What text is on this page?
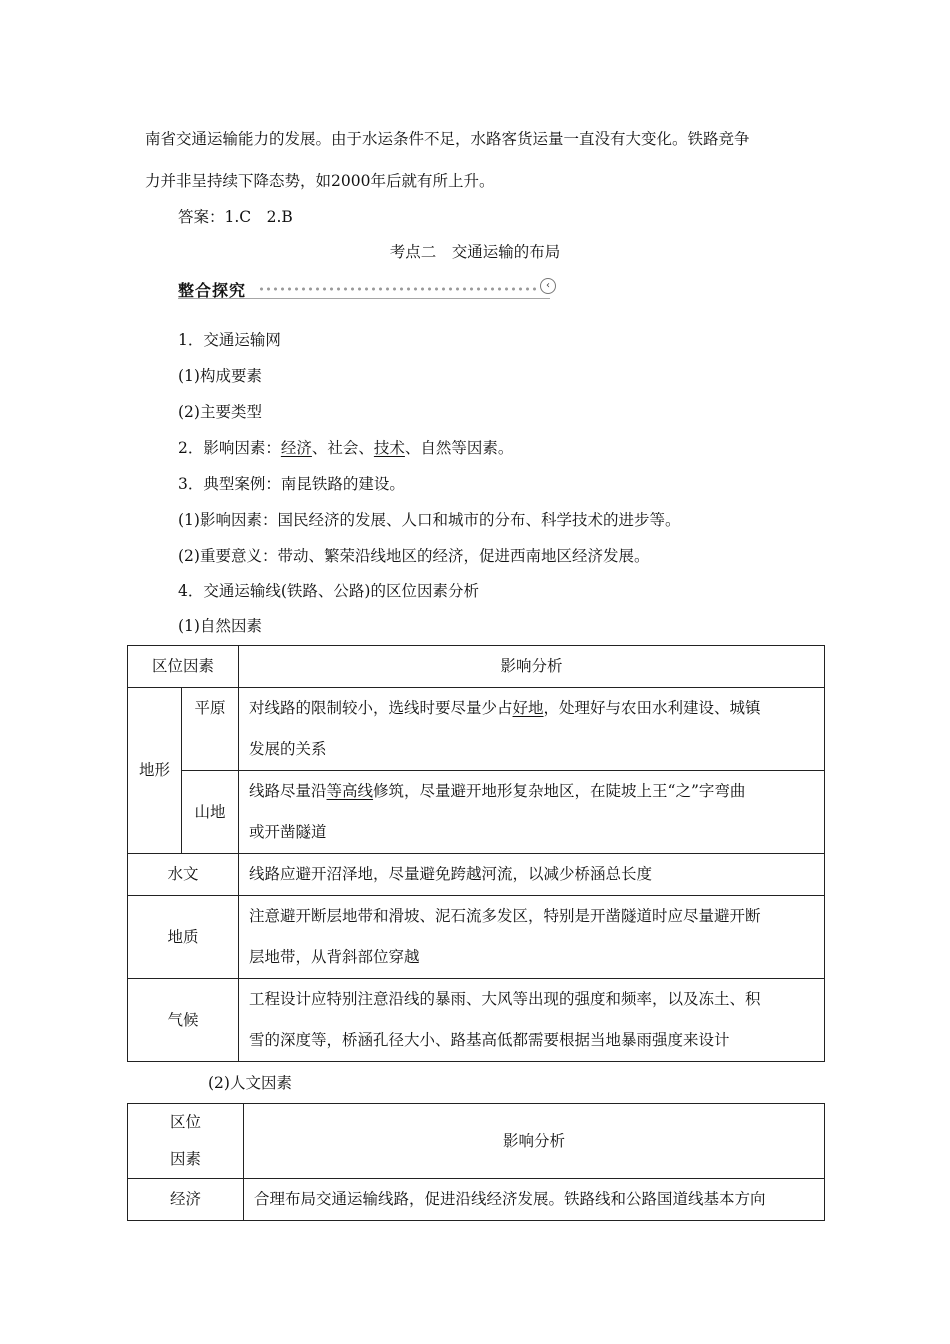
南省交通运输能力的发展。由于水运条件不足，水路客货运量一直没有大变化。铁路竞争
力并非呈持续下降态势，如2000年后就有所上升。
答案：1.C　2.B
考点二　交通运输的布局
整合探究	‹
1．交通运输网
(1)构成要素
(2)主要类型
2．影响因素：经济、社会、技术、自然等因素。
3．典型案例：南昆铁路的建设。
(1)影响因素：国民经济的发展、人口和城市的分布、科学技术的进步等。
(2)重要意义：带动、繁荣沿线地区的经济，促进西南地区经济发展。
4．交通运输线(铁路、公路)的区位因素分析
(1)自然因素
区位因素		影响分析
地形	平原	对线路的限制较小，选线时要尽量少占好地，处理好与农田水利建设、城镇
发展的关系

	山地	线路尽量沿等高线修筑，尽量避开地形复杂地区，在陡坡上王“之”字弯曲
或开凿隧道

水文		线路应避开沼泽地，尽量避免跨越河流，以减少桥涵总长度
地质		注意避开断层地带和滑坡、泥石流多发区，特别是开凿隧道时应尽量避开断
层地带，从背斜部位穿越

气候		工程设计应特别注意沿线的暴雨、大风等出现的强度和频率，以及冻土、积
雪的深度等，桥涵孔径大小、路基高低都需要根据当地暴雨强度来设计
(2)人文因素
区位
因素	影响分析
经济	合理布局交通运输线路，促进沿线经济发展。铁路线和公路国道线基本方向
